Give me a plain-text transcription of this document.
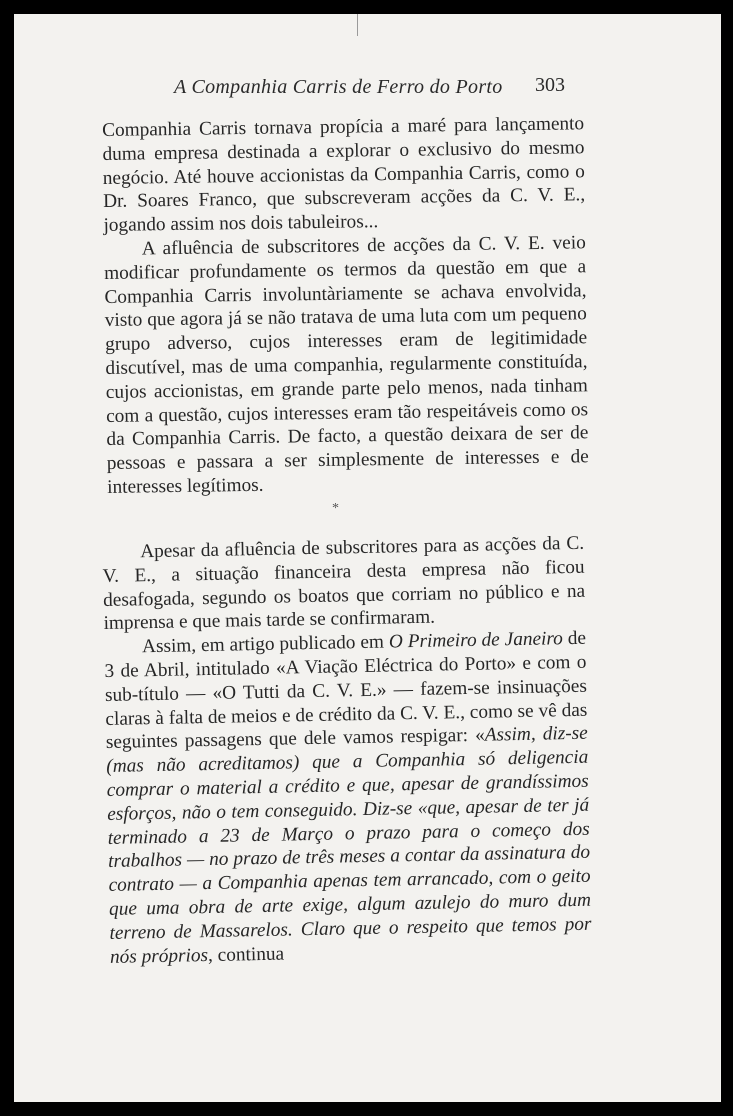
A Companhia Carris de Ferro do Porto 303

Companhia Carris tornava propícia a maré para lançamento duma empresa destinada a explorar o exclusivo do mesmo negócio. Até houve accionistas da Companhia Carris, como o Dr. Soares Franco, que subscreveram acções da C. V. E., jogando assim nos dois tabuleiros...

A afluência de subscritores de acções da C. V. E. veio modificar profundamente os termos da questão em que a Companhia Carris involuntàriamente se achava envolvida, visto que agora já se não tratava de uma luta com um pequeno grupo adverso, cujos interesses eram de legitimidade discutível, mas de uma companhia, regularmente constituída, cujos accionistas, em grande parte pelo menos, nada tinham com a questão, cujos interesses eram tão respeitáveis como os da Companhia Carris. De facto, a questão deixara de ser de pessoas e passara a ser simplesmente de interesses e de interesses legítimos.

*

Apesar da afluência de subscritores para as acções da C. V. E., a situação financeira desta empresa não ficou desafogada, segundo os boatos que corriam no público e na imprensa e que mais tarde se confirmaram.

Assim, em artigo publicado em O Primeiro de Janeiro de 3 de Abril, intitulado «A Viação Eléctrica do Porto» e com o sub-título — «O Tutti da C. V. E.» — fazem-se insinuações claras à falta de meios e de crédito da C. V. E., como se vê das seguintes passagens que dele vamos respigar: «Assim, diz-se (mas não acreditamos) que a Companhia só deligencia comprar o material a crédito e que, apesar de grandíssimos esforços, não o tem conseguido. Diz-se «que, apesar de ter já terminado a 23 de Março o prazo para o começo dos trabalhos — no prazo de três meses a contar da assinatura do contrato — a Companhia apenas tem arrancado, com o geito que uma obra de arte exige, algum azulejo do muro dum terreno de Massarelos. Claro que o respeito que temos por nós próprios, continua
